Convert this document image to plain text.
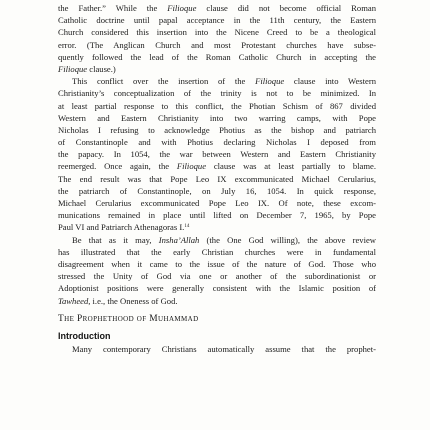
the Father.” While the Filioque clause did not become official Roman
Catholic doctrine until papal acceptance in the 11th century, the Eastern
Church considered this insertion into the Nicene Creed to be a theological
error. (The Anglican Church and most Protestant churches have subse-
quently followed the lead of the Roman Catholic Church in accepting the
Filioque clause.)
This conflict over the insertion of the Filioque clause into Western
Christianity’s conceptualization of the trinity is not to be minimized. In
at least partial response to this conflict, the Photian Schism of 867 divided
Western and Eastern Christianity into two warring camps, with Pope
Nicholas I refusing to acknowledge Photius as the bishop and patriarch
of Constantinople and with Photius declaring Nicholas I deposed from
the papacy. In 1054, the war between Western and Eastern Christianity
reemerged. Once again, the Filioque clause was at least partially to blame.
The end result was that Pope Leo IX excommunicated Michael Cerularius,
the patriarch of Constantinople, on July 16, 1054. In quick response,
Michael Cerularius excommunicated Pope Leo IX. Of note, these excom-
munications remained in place until lifted on December 7, 1965, by Pope
Paul VI and Patriarch Athenagoras I.$^{14}$
Be that as it may, Insha’Allah (the One God willing), the above review
has illustrated that the early Christian churches were in fundamental
disagreement when it came to the issue of the nature of God. Those who
stressed the Unity of God via one or another of the subordinationist or
Adoptionist positions were generally consistent with the Islamic position of
Tawheed, i.e., the Oneness of God.
The Prophethood of Muhammad
Introduction
Many contemporary Christians automatically assume that the prophet-
